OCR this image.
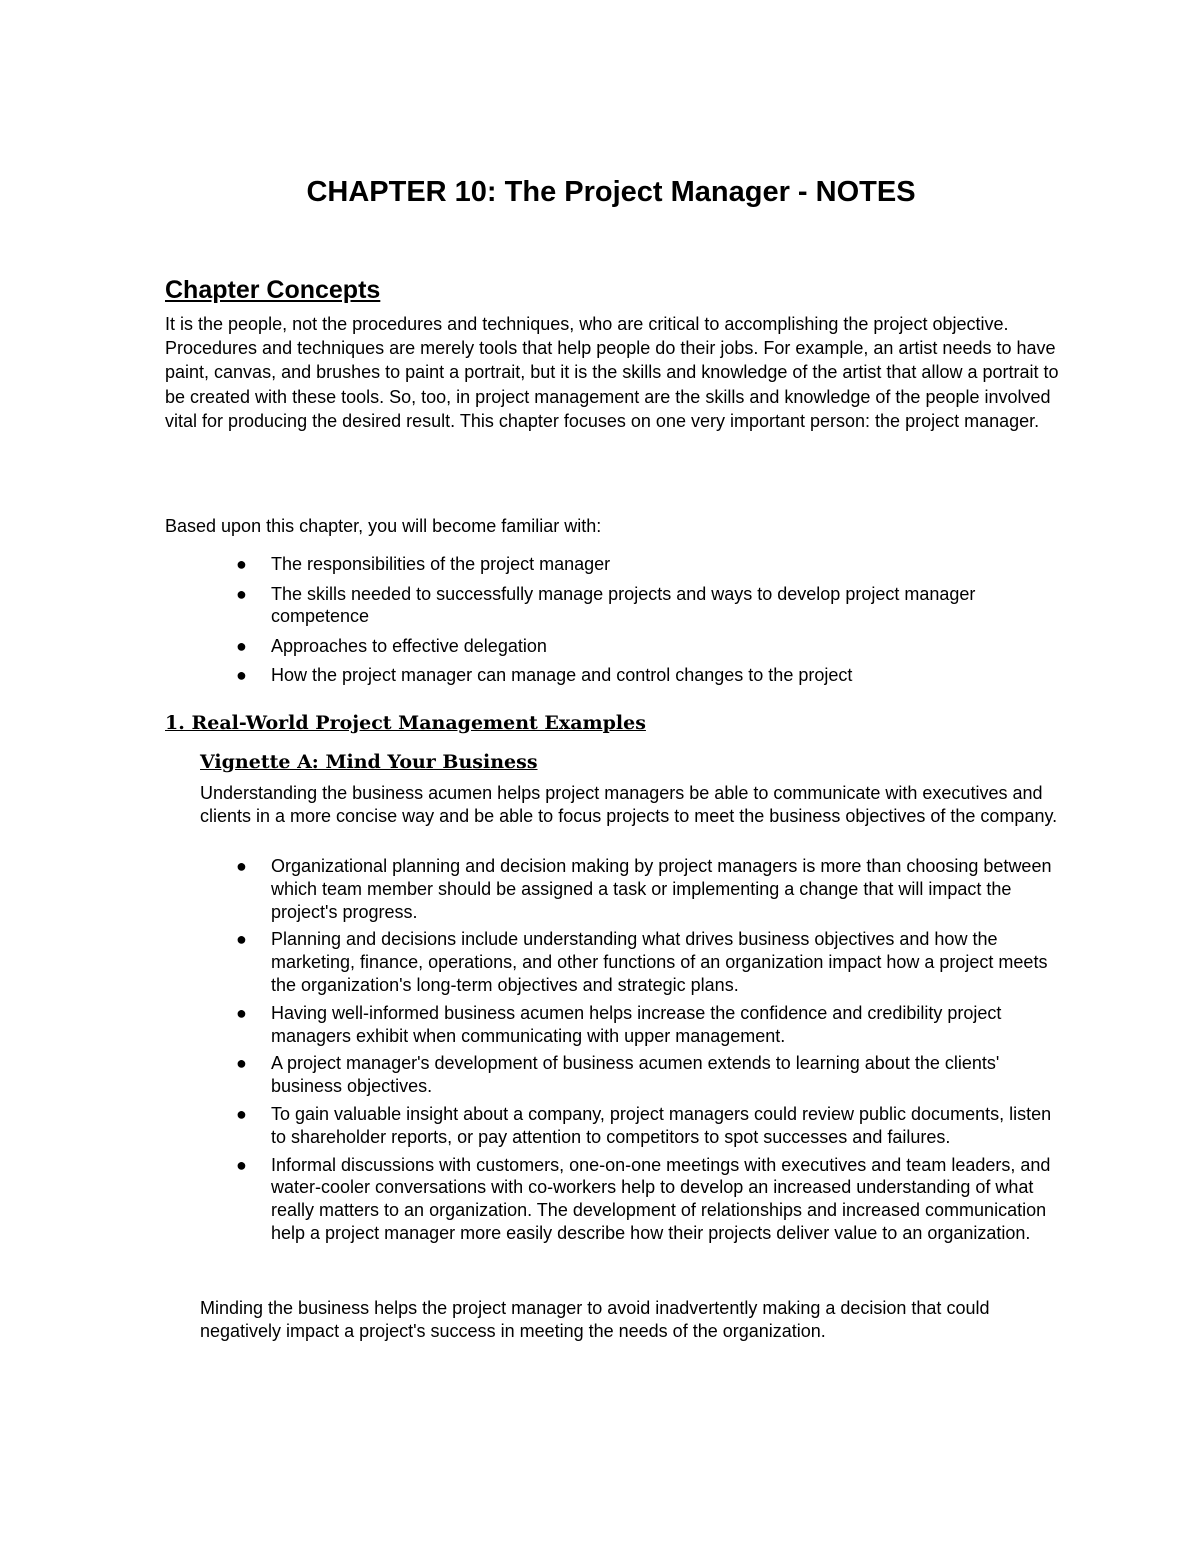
CHAPTER 10: The Project Manager - NOTES
Chapter Concepts

It is the people, not the procedures and techniques, who are critical to accomplishing the project objective. Procedures and techniques are merely tools that help people do their jobs. For example, an artist needs to have paint, canvas, and brushes to paint a portrait, but it is the skills and knowledge of the artist that allow a portrait to be created with these tools. So, too, in project management are the skills and knowledge of the people involved vital for producing the desired result. This chapter focuses on one very important person: the project manager.

Based upon this chapter, you will become familiar with:

● The responsibilities of the project manager
● The skills needed to successfully manage projects and ways to develop project manager competence
● Approaches to effective delegation
● How the project manager can manage and control changes to the project
1. Real-World Project Management Examples
Vignette A: Mind Your Business

Understanding the business acumen helps project managers be able to communicate with executives and clients in a more concise way and be able to focus projects to meet the business objectives of the company.

● Organizational planning and decision making by project managers is more than choosing between which team member should be assigned a task or implementing a change that will impact the project's progress.
● Planning and decisions include understanding what drives business objectives and how the marketing, finance, operations, and other functions of an organization impact how a project meets the organization's long-term objectives and strategic plans.
● Having well-informed business acumen helps increase the confidence and credibility project managers exhibit when communicating with upper management.
● A project manager's development of business acumen extends to learning about the clients' business objectives.
● To gain valuable insight about a company, project managers could review public documents, listen to shareholder reports, or pay attention to competitors to spot successes and failures.
● Informal discussions with customers, one-on-one meetings with executives and team leaders, and water-cooler conversations with co-workers help to develop an increased understanding of what really matters to an organization. The development of relationships and increased communication help a project manager more easily describe how their projects deliver value to an organization.

Minding the business helps the project manager to avoid inadvertently making a decision that could negatively impact a project's success in meeting the needs of the organization.
